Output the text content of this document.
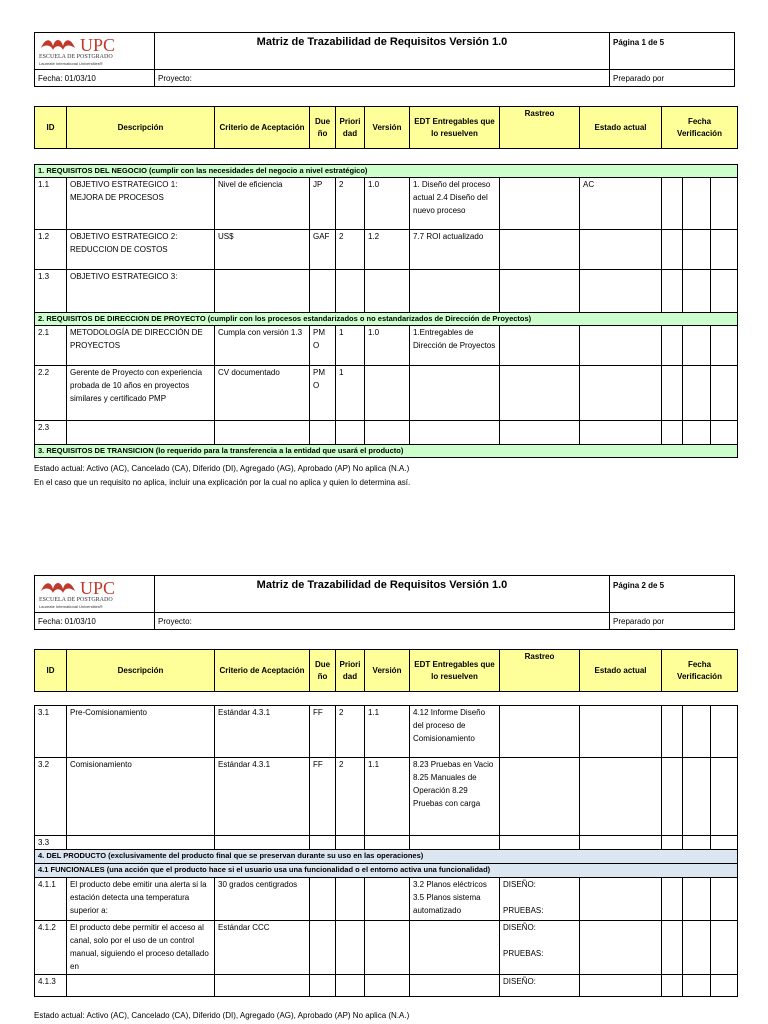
UPC
ESCUELA DE POSTGRADO
Laureate International Universities®	Matriz de Trazabilidad de Requisitos Versión 1.0	Página 1 de 5
Fecha: 01/03/10	Proyecto:	Preparado por
ID	Descripción	Criterio de Aceptación	Due ño	Priori dad	Versión	EDT Entregables que lo resuelven	Rastreo	Estado actual	Fecha Verificación		

1. REQUISITOS DEL NEGOCIO (cumplir con las necesidades del negocio a nivel estratégico)											
1.1	OBJETIVO ESTRATEGICO 1: MEJORA DE PROCESOS	Nivel de eficiencia	JP	2	1.0	1. Diseño del proceso actual 2.4 Diseño del nuevo proceso		AC			
1.2	OBJETIVO ESTRATEGICO 2: REDUCCION DE COSTOS	US$	GAF	2	1.2	7.7 ROI actualizado					
1.3	OBJETIVO ESTRATEGICO 3:										
2. REQUISITOS DE DIRECCION DE PROYECTO (cumplir con los procesos estandarizados o no estandarizados de Dirección de Proyectos)											
2.1	METODOLOGÍA DE DIRECCIÓN DE PROYECTOS	Cumpla con versión 1.3	PM O	1	1.0	1.Entregables de Dirección de Proyectos					
2.2	Gerente de Proyecto con experiencia probada de 10 años en proyectos similares y certificado PMP	CV documentado	PM O	1							
2.3											
3. REQUISITOS DE TRANSICION (lo requerido para la transferencia a la entidad que usará el producto)											
Estado actual: Activo (AC), Cancelado (CA), Diferido (DI), Agregado (AG), Aprobado (AP) No aplica (N.A.)
En el caso que un requisito no aplica, incluir una explicación por la cual no aplica y quien lo determina así.
UPC
ESCUELA DE POSTGRADO
Laureate International Universities®	Matriz de Trazabilidad de Requisitos Versión 1.0	Página 2 de 5
Fecha: 01/03/10	Proyecto:	Preparado por
ID	Descripción	Criterio de Aceptación	Due ño	Priori dad	Versión	EDT Entregables que lo resuelven	Rastreo	Estado actual	Fecha Verificación		

3.1	Pre-Comisionamiento	Estándar 4.3.1	FF	2	1.1	4.12 Informe Diseño del proceso de Comisionamiento					
3.2	Comisionamiento	Estándar 4.3.1	FF	2	1.1	8.23 Pruebas en Vacio 8.25 Manuales de Operación 8.29 Pruebas con carga					
3.3											
4. DEL PRODUCTO (exclusivamente del producto final que se preservan durante su uso en las operaciones)											
4.1 FUNCIONALES (una acción que el producto hace si el usuario usa una funcionalidad o el entorno activa una funcionalidad)											
4.1.1	El producto debe emitir una alerta si la estación detecta una temperatura superior a:	30 grados centigrados				3.2 Planos eléctricos 3.5 Planos sistema automatizado	DISEÑO:
PRUEBAS:				

4.1.2	El producto debe permitir el acceso al canal, solo por el uso de un control manual, siguiendo el proceso detallado en	Estándar CCC					DISEÑO:
PRUEBAS:				

4.1.3							DISEÑO:				
Estado actual: Activo (AC), Cancelado (CA), Diferido (DI), Agregado (AG), Aprobado (AP) No aplica (N.A.)
